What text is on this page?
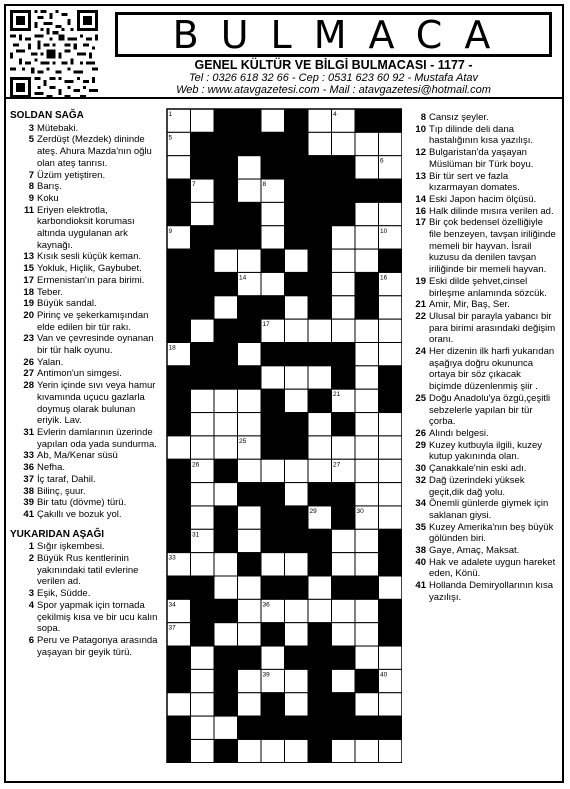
BULMACA
GENEL KÜLTÜR VE BİLGİ BULMACASI - 1177 -
Tel : 0326 618 32 66 - Cep : 0531 623 60 92 - Mustafa Atav
Web : www.atavgazetesi.com - Mail : atavgazetesi@hotmail.com
SOLDAN SAĞA
3 Mütebaki.
5 Zerdüşt (Mezdek) dininde ateş. Ahura Mazda'nın oğlu olan ateş tanrısı.
7 Üzüm yetiştiren.
8 Barış.
9 Koku
11 Eriyen elektrotla, karbondioksit koruması altında uygulanan ark kaynağı.
13 Kısık sesli küçük keman.
15 Yokluk, Hiçlik, Gaybubet.
17 Ermenistan'ın para birimi.
18 Teber.
19 Büyük sandal.
20 Pirinç ve şekerkamışından elde edilen bir tür rakı.
23 Van ve çevresinde oynanan bir tür halk oyunu.
26 Yalan.
27 Antimon'un simgesi.
28 Yerin içinde sıvı veya hamur kıvamında uçucu gazlarla doymuş olarak bulunan eriyik. Lav.
31 Evlerin damlarının üzerinde yapılan oda yada sundurma.
33 Ab, Ma/Kenar süsü
36 Nefha.
37 İç taraf, Dahil.
38 Bilinç, şuur.
39 Bir tatu (dövme) türü.
41 Çakıllı ve bozuk yol.
YUKARIDAN AŞAĞI
1 Sığır işkembesi.
2 Büyük Rus kentlerinin yakınındaki tatil evlerine verilen ad.
3 Eşik, Südde.
4 Spor yapmak için tornada çekilmiş kısa ve bir ucu kalın sopa.
6 Peru ve Patagonya arasında yaşayan bir geyik türü.
1	2	3	4
5
6
7	8
9	10
11	12
13	14	15	16
17
18
19	20	21	22
23	24
25
26	27
28	29	30
31	32
33
34	35	36
37
38
39	40
41
8 Cansız şeyler.
10 Tıp dilinde deli dana hastalığının kısa yazılışı.
12 Bulgaristan'da yaşayan Müslüman bir Türk boyu.
13 Bir tür sert ve fazla kızarmayan domates.
14 Eski Japon hacim ölçüsü.
16 Halk dilinde mısıra verilen ad.
17 Bir çok bedensel özelliğiyle file benzeyen, tavşan iriliğinde memeli bir hayvan. İsrail kuzusu da denilen tavşan iriliğinde bir memeli hayvan.
19 Eski dilde şehvet,cinsel birleşme anlamında sözcük.
21 Amir, Mir, Baş, Ser.
22 Ulusal bir parayla yabancı bir para birimi arasındaki değişim oranı.
24 Her dizenin ilk harfi yukarıdan aşağıya doğru okununca ortaya bir söz çıkacak biçimde düzenlenmiş şiir .
25 Doğu Anadolu'ya özgü,çeşitli sebzelerle yapılan bir tür çorba.
26 Alındı belgesi.
29 Kuzey kutbuyla ilgili, kuzey kutup yakınında olan.
30 Çanakkale'nin eski adı.
32 Dağ üzerindeki yüksek geçit,dik dağ yolu.
34 Önemli günlerde giymek için saklanan giysi.
35 Kuzey Amerika'nın beş büyük gölünden biri.
38 Gaye, Amaç, Maksat.
40 Hak ve adalete uygun hareket eden, Könü.
41 Hollanda Demiryollarının kısa yazılışı.
